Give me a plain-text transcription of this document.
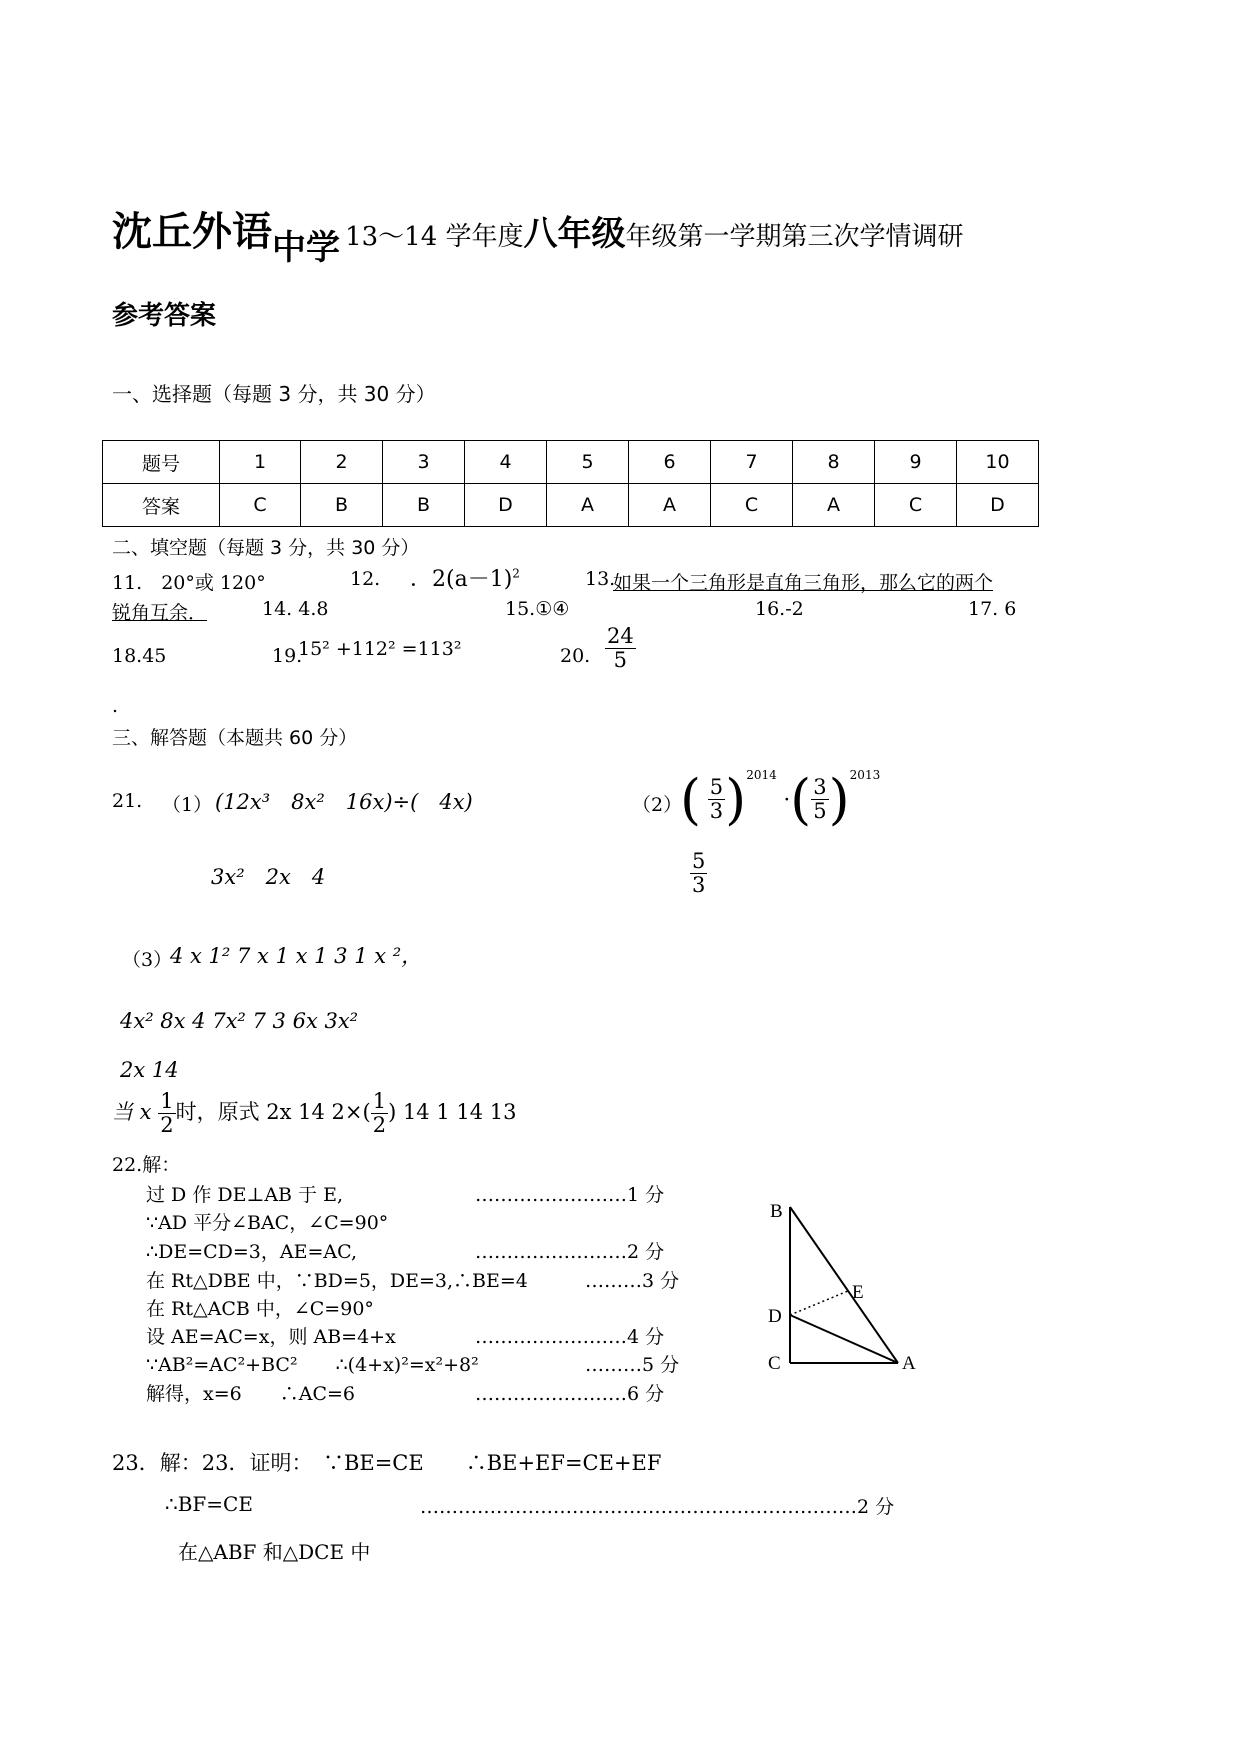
沈丘外语中学 13～14 学年度八年级年级第一学期第三次学情调研
参考答案
一、选择题（每题 3 分，共 30 分）
题号	1	2	3	4	5	6	7	8	9	10
答案	C	B	B	D	A	A	C	A	C	D
二、填空题（每题 3 分，共 30 分）
11.　20°或 120°	12. ．$2(a-1)^2$	13.
如果一个三角形是直角三角形，那么它的两个
锐角互余．	14. 4.8	15.①④	16.-2	17. 6
18.45	19.
15² +112² =113²	20. $\frac{24}{5}$
.
三、解答题（本题共 60 分）
21. （1） (12x³　8x²　16x)÷(　4x)
　3x²　2x　4
（2）
( $\frac{5}{3} )^{2014}$ ·( $\frac{3}{5} )^{2013}$
$\frac{5}{3}$
（3）
4 x 1² 7 x 1 x 1 3 1 x ²，
4x² 8x 4 7x² 7 3 6x 3x²
2x 14
当 x $\frac{1}{2}$ 时，原式 2x 14 $2\times( \frac{1}{2}$ ) 14 1 14 13
22.解：
过 D 作 DE⊥AB 于 E,	……………………1 分
∵AD 平分∠BAC，∠C=90°
∴DE=CD=3，AE=AC,	……………………2 分
在 Rt△DBE 中，∵BD=5，DE=3,∴BE=4	………3 分
在 Rt△ACB 中，∠C=90°
设 AE=AC=x，则 AB=4+x	……………………4 分
∵AB²=AC²+BC²　　∴(4+x)²=x²+8²	………5 分
解得，x=6　　∴AC=6	……………………6 分
B
E
D
C	A
23．解：23．证明：　∵BE=CE　　∴BE+EF=CE+EF
∴BF=CE	……………………………………………………………2 分
在△ABF 和△DCE 中
